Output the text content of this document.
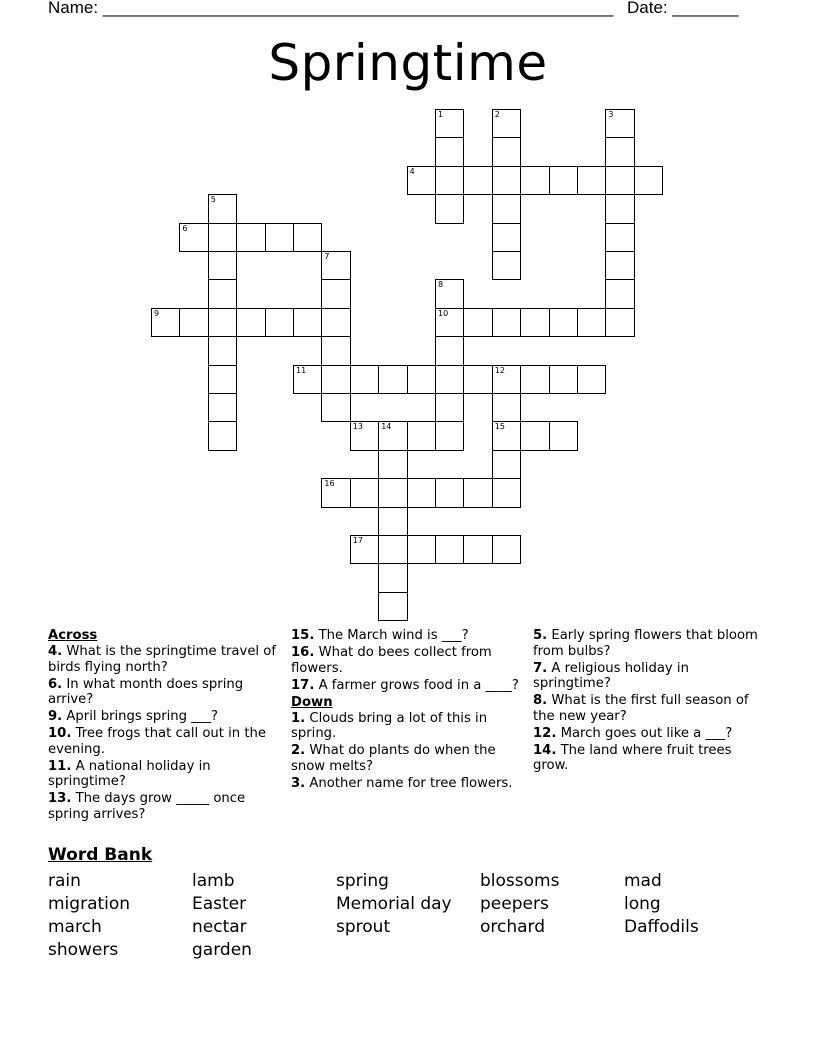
Name: ______________________________________________________ Date: _______
Springtime
1	2	3
4
5
6
7
8
10
9
11	12
15
13 14
16
17
Across

4. What is the springtime travel of birds flying north?

6. In what month does spring arrive?

9. April brings spring ___?

10. Tree frogs that call out in the evening.

11. A national holiday in springtime?

13. The days grow _____ once spring arrives?

15. The March wind is ___?

16. What do bees collect from flowers.

17. A farmer grows food in a ____?

Down

1. Clouds bring a lot of this in spring.

2. What do plants do when the snow melts?

3. Another name for tree flowers.

5. Early spring flowers that bloom from bulbs?

7. A religious holiday in springtime?

8. What is the first full season of the new year?

12. March goes out like a ___?

14. The land where fruit trees grow.

Word Bank
rain	lamb	spring	blossoms	mad
migration	Easter	Memorial day	peepers	long
march	nectar	sprout	orchard	Daffodils
showers	garden
